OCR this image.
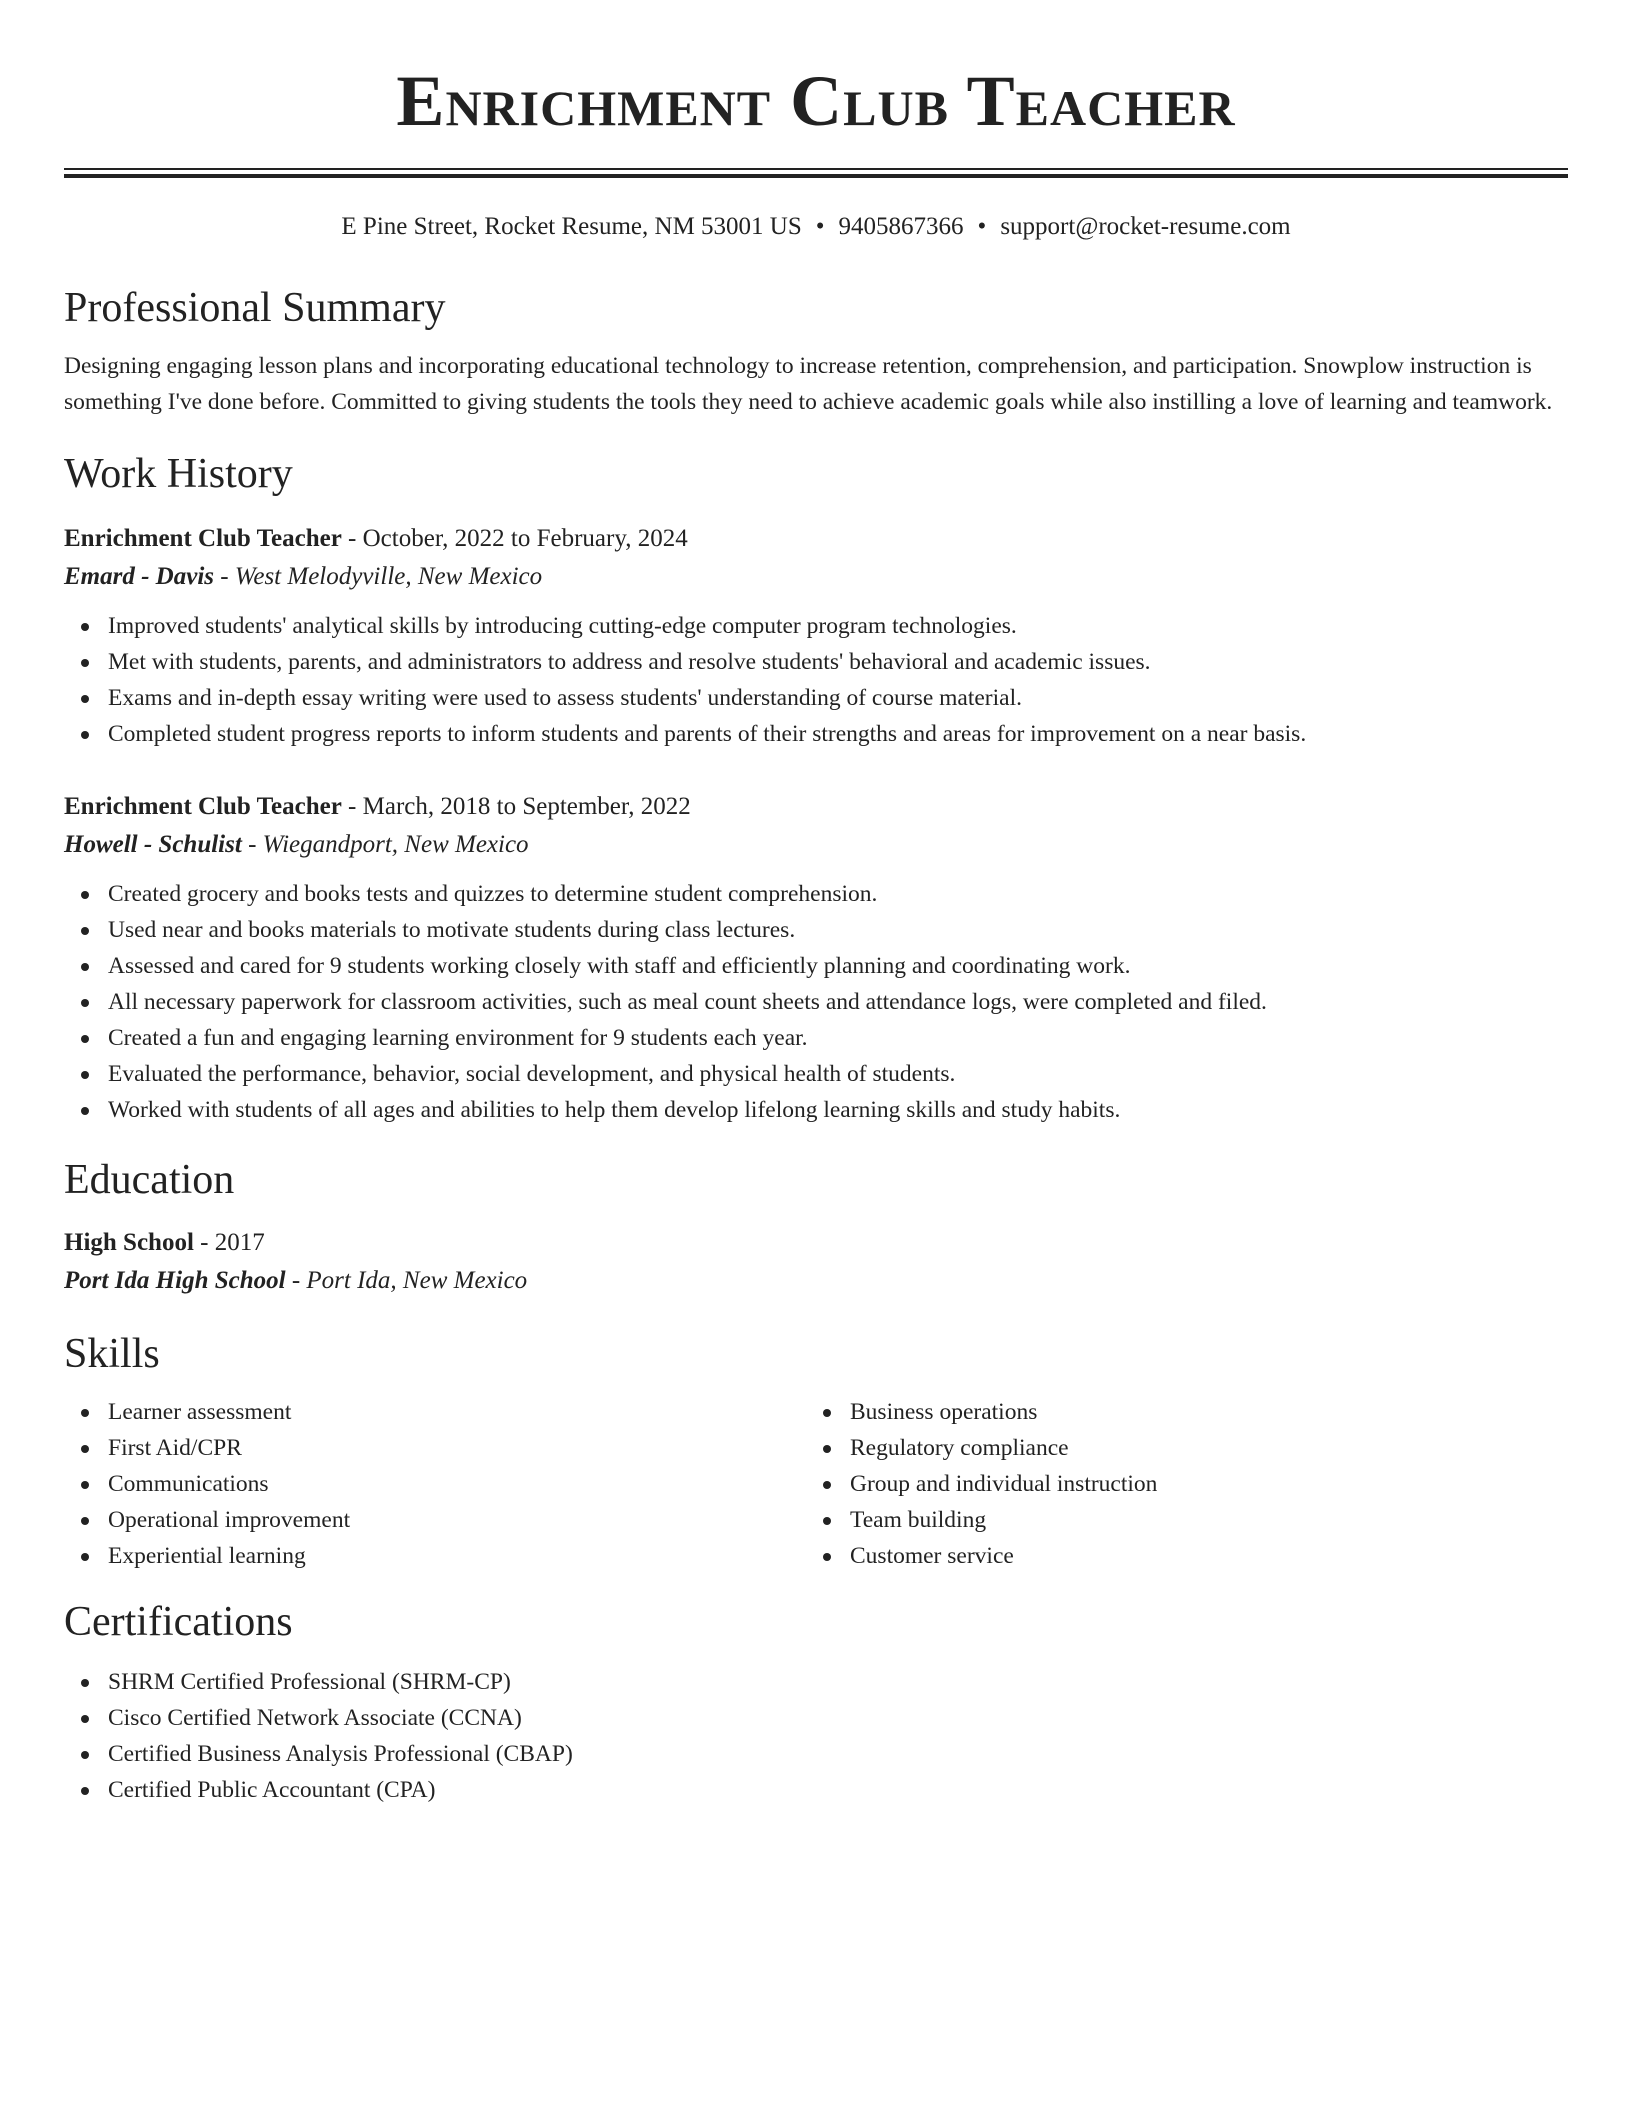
Enrichment Club Teacher
E Pine Street, Rocket Resume, NM 53001 US • 9405867366 • support@rocket-resume.com
Professional Summary

Designing engaging lesson plans and incorporating educational technology to increase retention, comprehension, and participation. Snowplow instruction is something I've done before. Committed to giving students the tools they need to achieve academic goals while also instilling a love of learning and teamwork.

Work History
Enrichment Club Teacher - October, 2022 to February, 2024
Emard - Davis - West Melodyville, New Mexico
Improved students' analytical skills by introducing cutting-edge computer program technologies.
Met with students, parents, and administrators to address and resolve students' behavioral and academic issues.
Exams and in-depth essay writing were used to assess students' understanding of course material.
Completed student progress reports to inform students and parents of their strengths and areas for improvement on a near basis.
Enrichment Club Teacher - March, 2018 to September, 2022
Howell - Schulist - Wiegandport, New Mexico
Created grocery and books tests and quizzes to determine student comprehension.
Used near and books materials to motivate students during class lectures.
Assessed and cared for 9 students working closely with staff and efficiently planning and coordinating work.
All necessary paperwork for classroom activities, such as meal count sheets and attendance logs, were completed and filed.
Created a fun and engaging learning environment for 9 students each year.
Evaluated the performance, behavior, social development, and physical health of students.
Worked with students of all ages and abilities to help them develop lifelong learning skills and study habits.
Education
High School - 2017
Port Ida High School - Port Ida, New Mexico
Skills
Learner assessment
First Aid/CPR
Communications
Operational improvement
Experiential learning
Business operations
Regulatory compliance
Group and individual instruction
Team building
Customer service
Certifications
SHRM Certified Professional (SHRM-CP)
Cisco Certified Network Associate (CCNA)
Certified Business Analysis Professional (CBAP)
Certified Public Accountant (CPA)
